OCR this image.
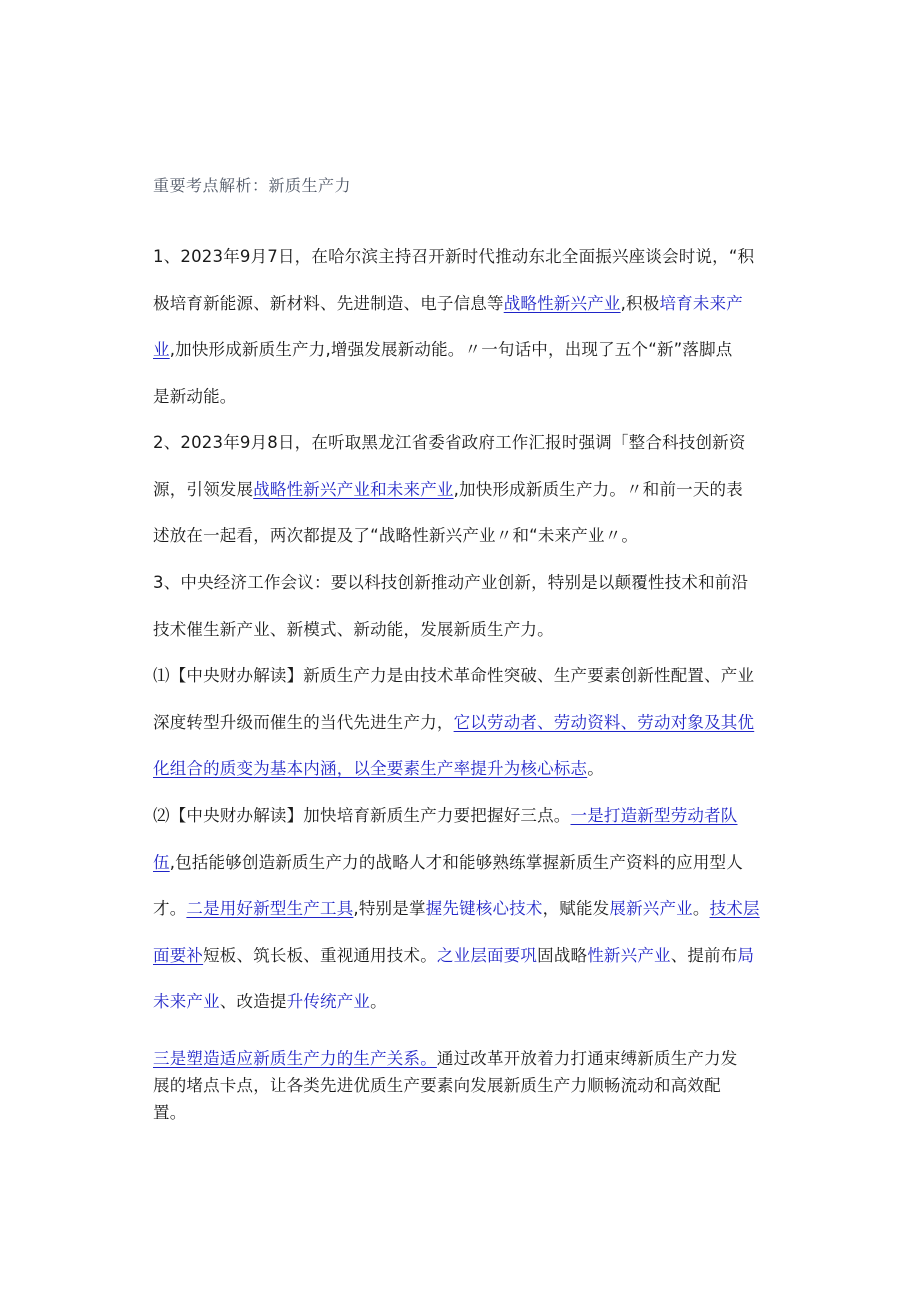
重要考点解析：新质生产力
1、2023年9月7日，在哈尔滨主持召开新时代推动东北全面振兴座谈会时说，“积
极培育新能源、新材料、先进制造、电子信息等战略性新兴产业,积极培育未来产
业,加快形成新质生产力,增强发展新动能。〃一句话中，出现了五个“新”落脚点
是新动能。
2、2023年9月8日，在听取黑龙江省委省政府工作汇报时强调「整合科技创新资
源，引领发展战略性新兴产业和未来产业,加快形成新质生产力。〃和前一天的表
述放在一起看，两次都提及了“战略性新兴产业〃和“未来产业〃。
3、中央经济工作会议：要以科技创新推动产业创新，特别是以颠覆性技术和前沿
技术催生新产业、新模式、新动能，发展新质生产力。
⑴【中央财办解读】新质生产力是由技术革命性突破、生产要素创新性配置、产业
深度转型升级而催生的当代先进生产力，它以劳动者、劳动资料、劳动对象及其优
化组合的质变为基本内涵，以全要素生产率提升为核心标志。
⑵【中央财办解读】加快培育新质生产力要把握好三点。一是打造新型劳动者队
伍,包括能够创造新质生产力的战略人才和能够熟练掌握新质生产资料的应用型人
才。二是用好新型生产工具,特别是掌握先键核心技术，赋能发展新兴产业。技术层
面要补短板、筑长板、重视通用技术。之业层面要巩固战略性新兴产业、提前布局
未来产业、改造提升传统产业。
三是塑造适应新质生产力的生产关系。通过改革开放着力打通束缚新质生产力发
展的堵点卡点，让各类先进优质生产要素向发展新质生产力顺畅流动和高效配
置。
